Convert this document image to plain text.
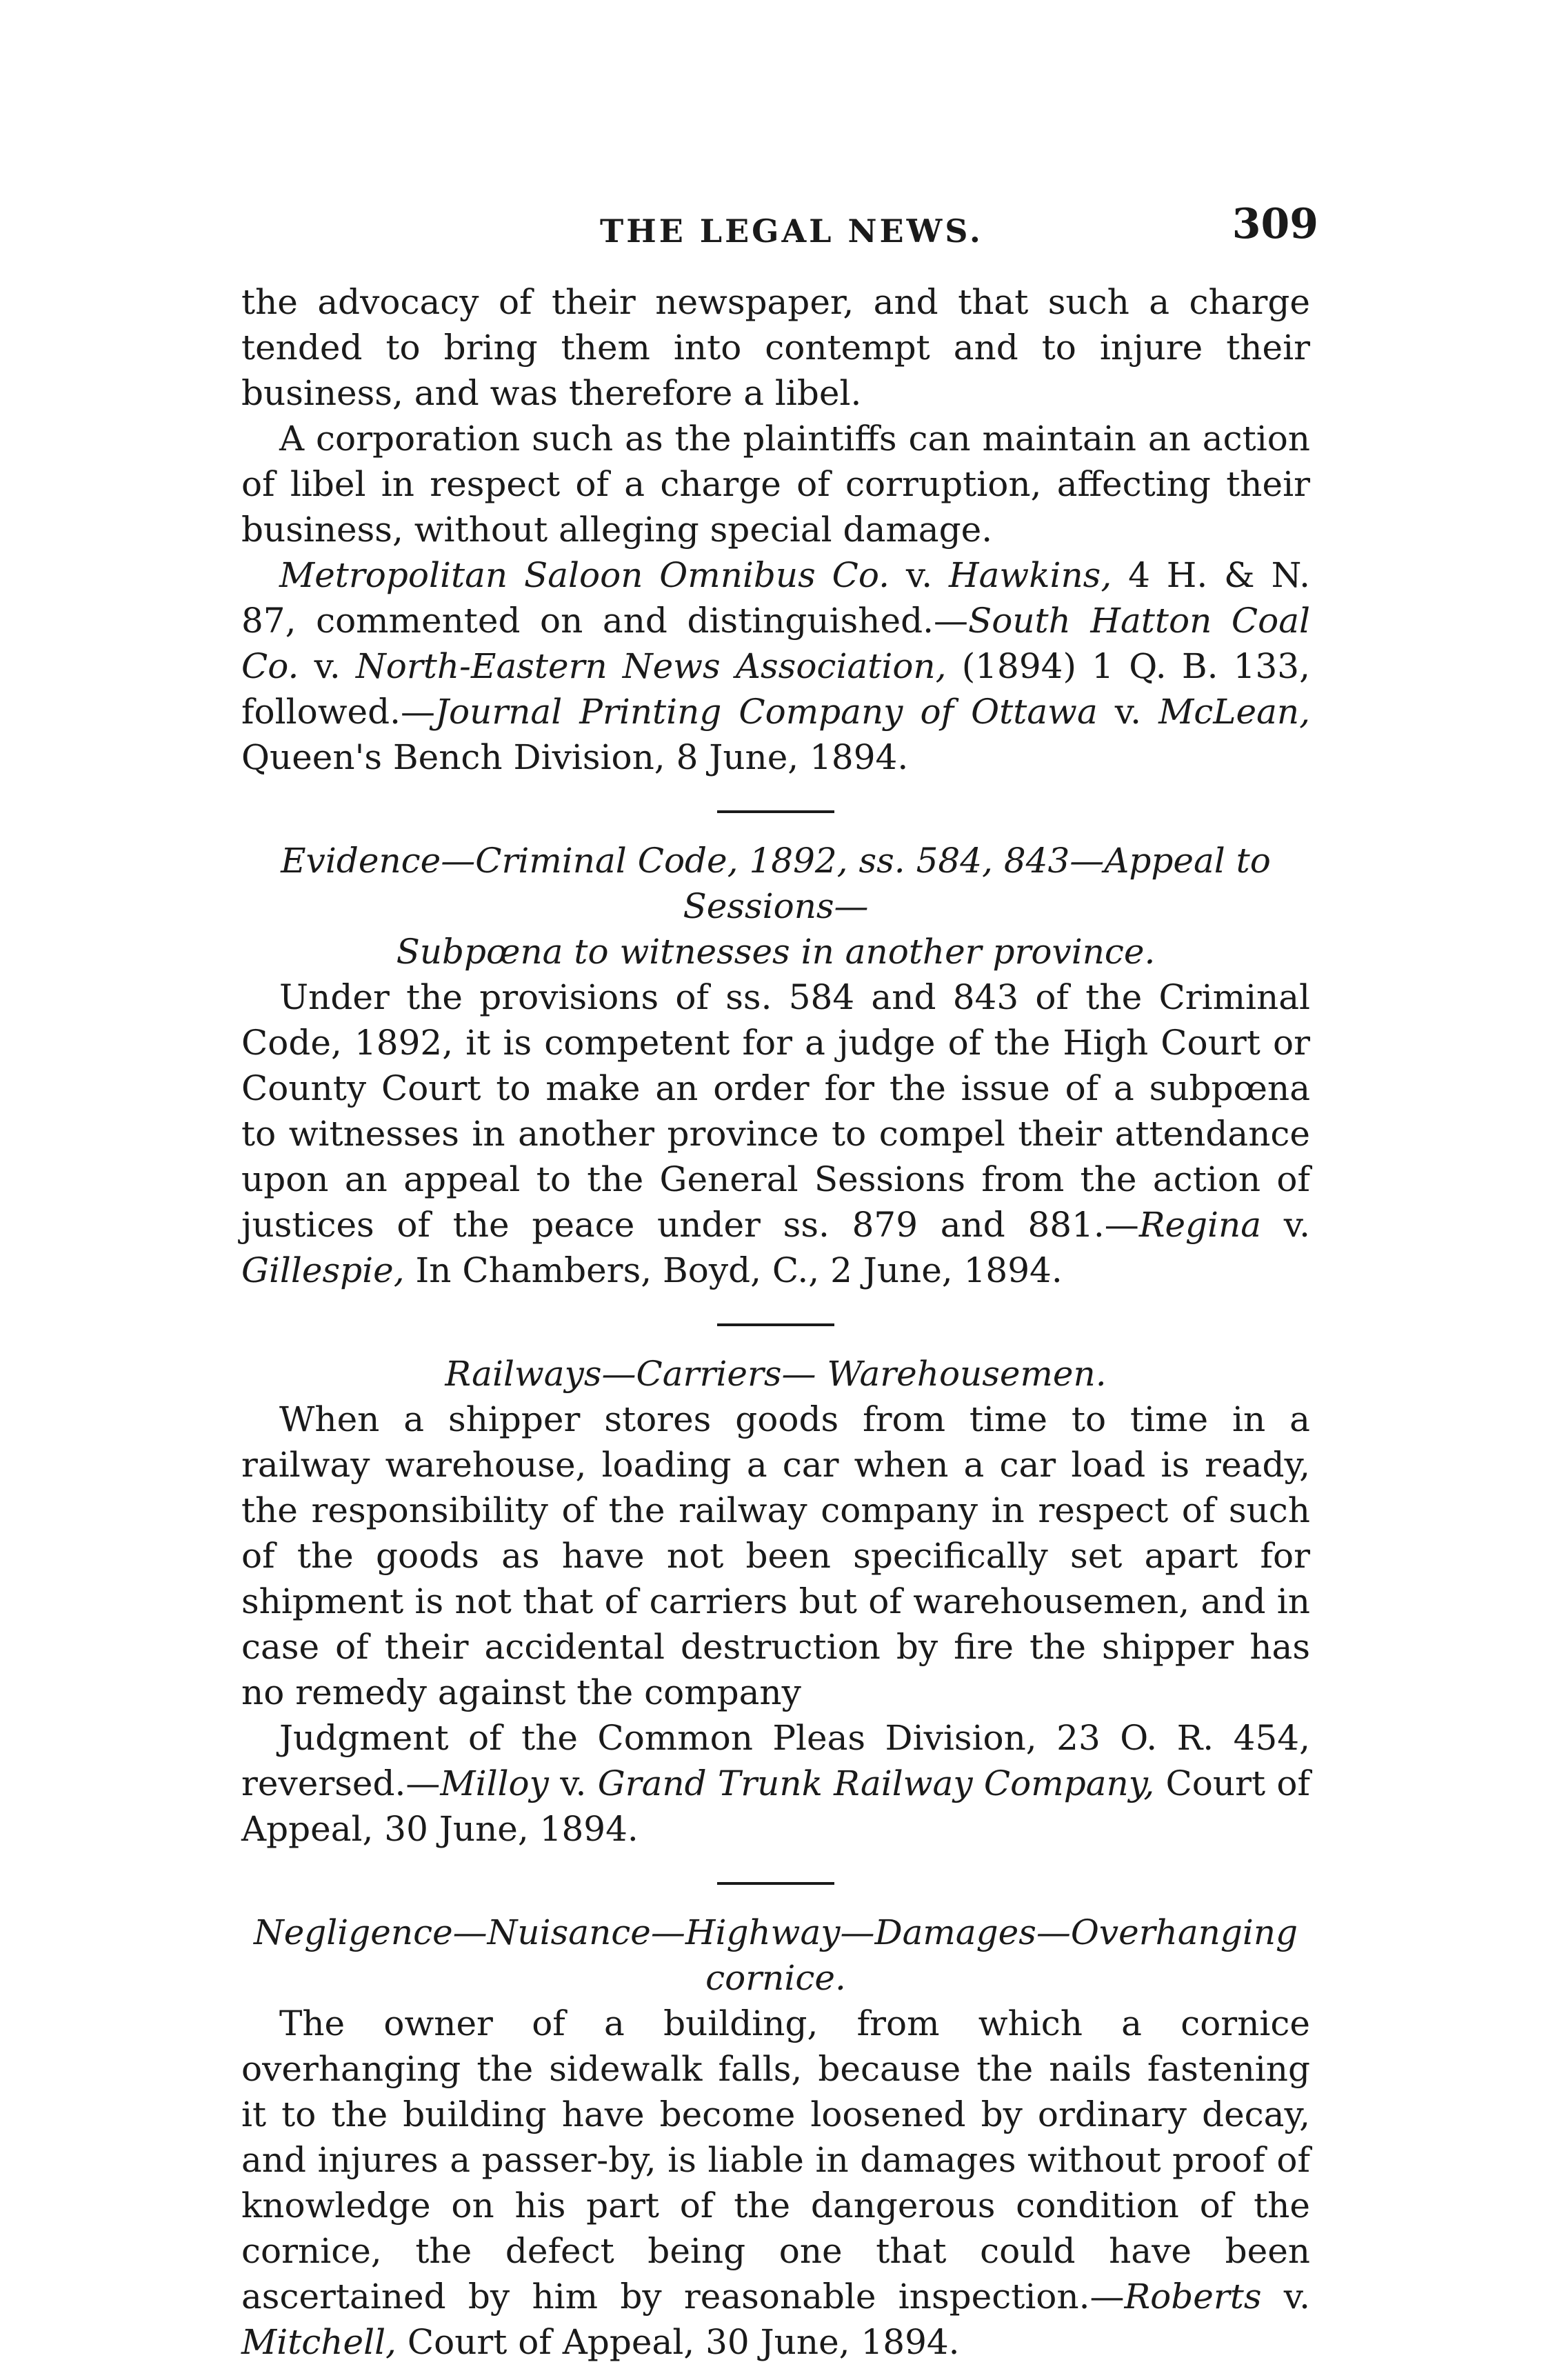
THE LEGAL NEWS.	309

the advocacy of their newspaper, and that such a charge tended to bring them into contempt and to injure their business, and was therefore a libel.

A corporation such as the plaintiffs can maintain an action of libel in respect of a charge of corruption, affecting their business, without alleging special damage.

Metropolitan Saloon Omnibus Co. v. Hawkins, 4 H. & N. 87, commented on and distinguished.—South Hatton Coal Co. v. North-Eastern News Association, (1894) 1 Q. B. 133, followed.—Journal Printing Company of Ottawa v. McLean, Queen's Bench Division, 8 June, 1894.

Evidence—Criminal Code, 1892, ss. 584, 843—Appeal to Sessions—
Subpœna to witnesses in another province.

Under the provisions of ss. 584 and 843 of the Criminal Code, 1892, it is competent for a judge of the High Court or County Court to make an order for the issue of a subpœna to witnesses in another province to compel their attendance upon an appeal to the General Sessions from the action of justices of the peace under ss. 879 and 881.—Regina v. Gillespie, In Chambers, Boyd, C., 2 June, 1894.

Railways—Carriers— Warehousemen.

When a shipper stores goods from time to time in a railway warehouse, loading a car when a car load is ready, the responsibility of the railway company in respect of such of the goods as have not been specifically set apart for shipment is not that of carriers but of warehousemen, and in case of their accidental destruction by fire the shipper has no remedy against the company

Judgment of the Common Pleas Division, 23 O. R. 454, reversed.—Milloy v. Grand Trunk Railway Company, Court of Appeal, 30 June, 1894.

Negligence—Nuisance—Highway—Damages—Overhanging cornice.

The owner of a building, from which a cornice overhanging the sidewalk falls, because the nails fastening it to the building have become loosened by ordinary decay, and injures a passer-by, is liable in damages without proof of knowledge on his part of the dangerous condition of the cornice, the defect being one that could have been ascertained by him by reasonable inspection.—Roberts v. Mitchell, Court of Appeal, 30 June, 1894.
